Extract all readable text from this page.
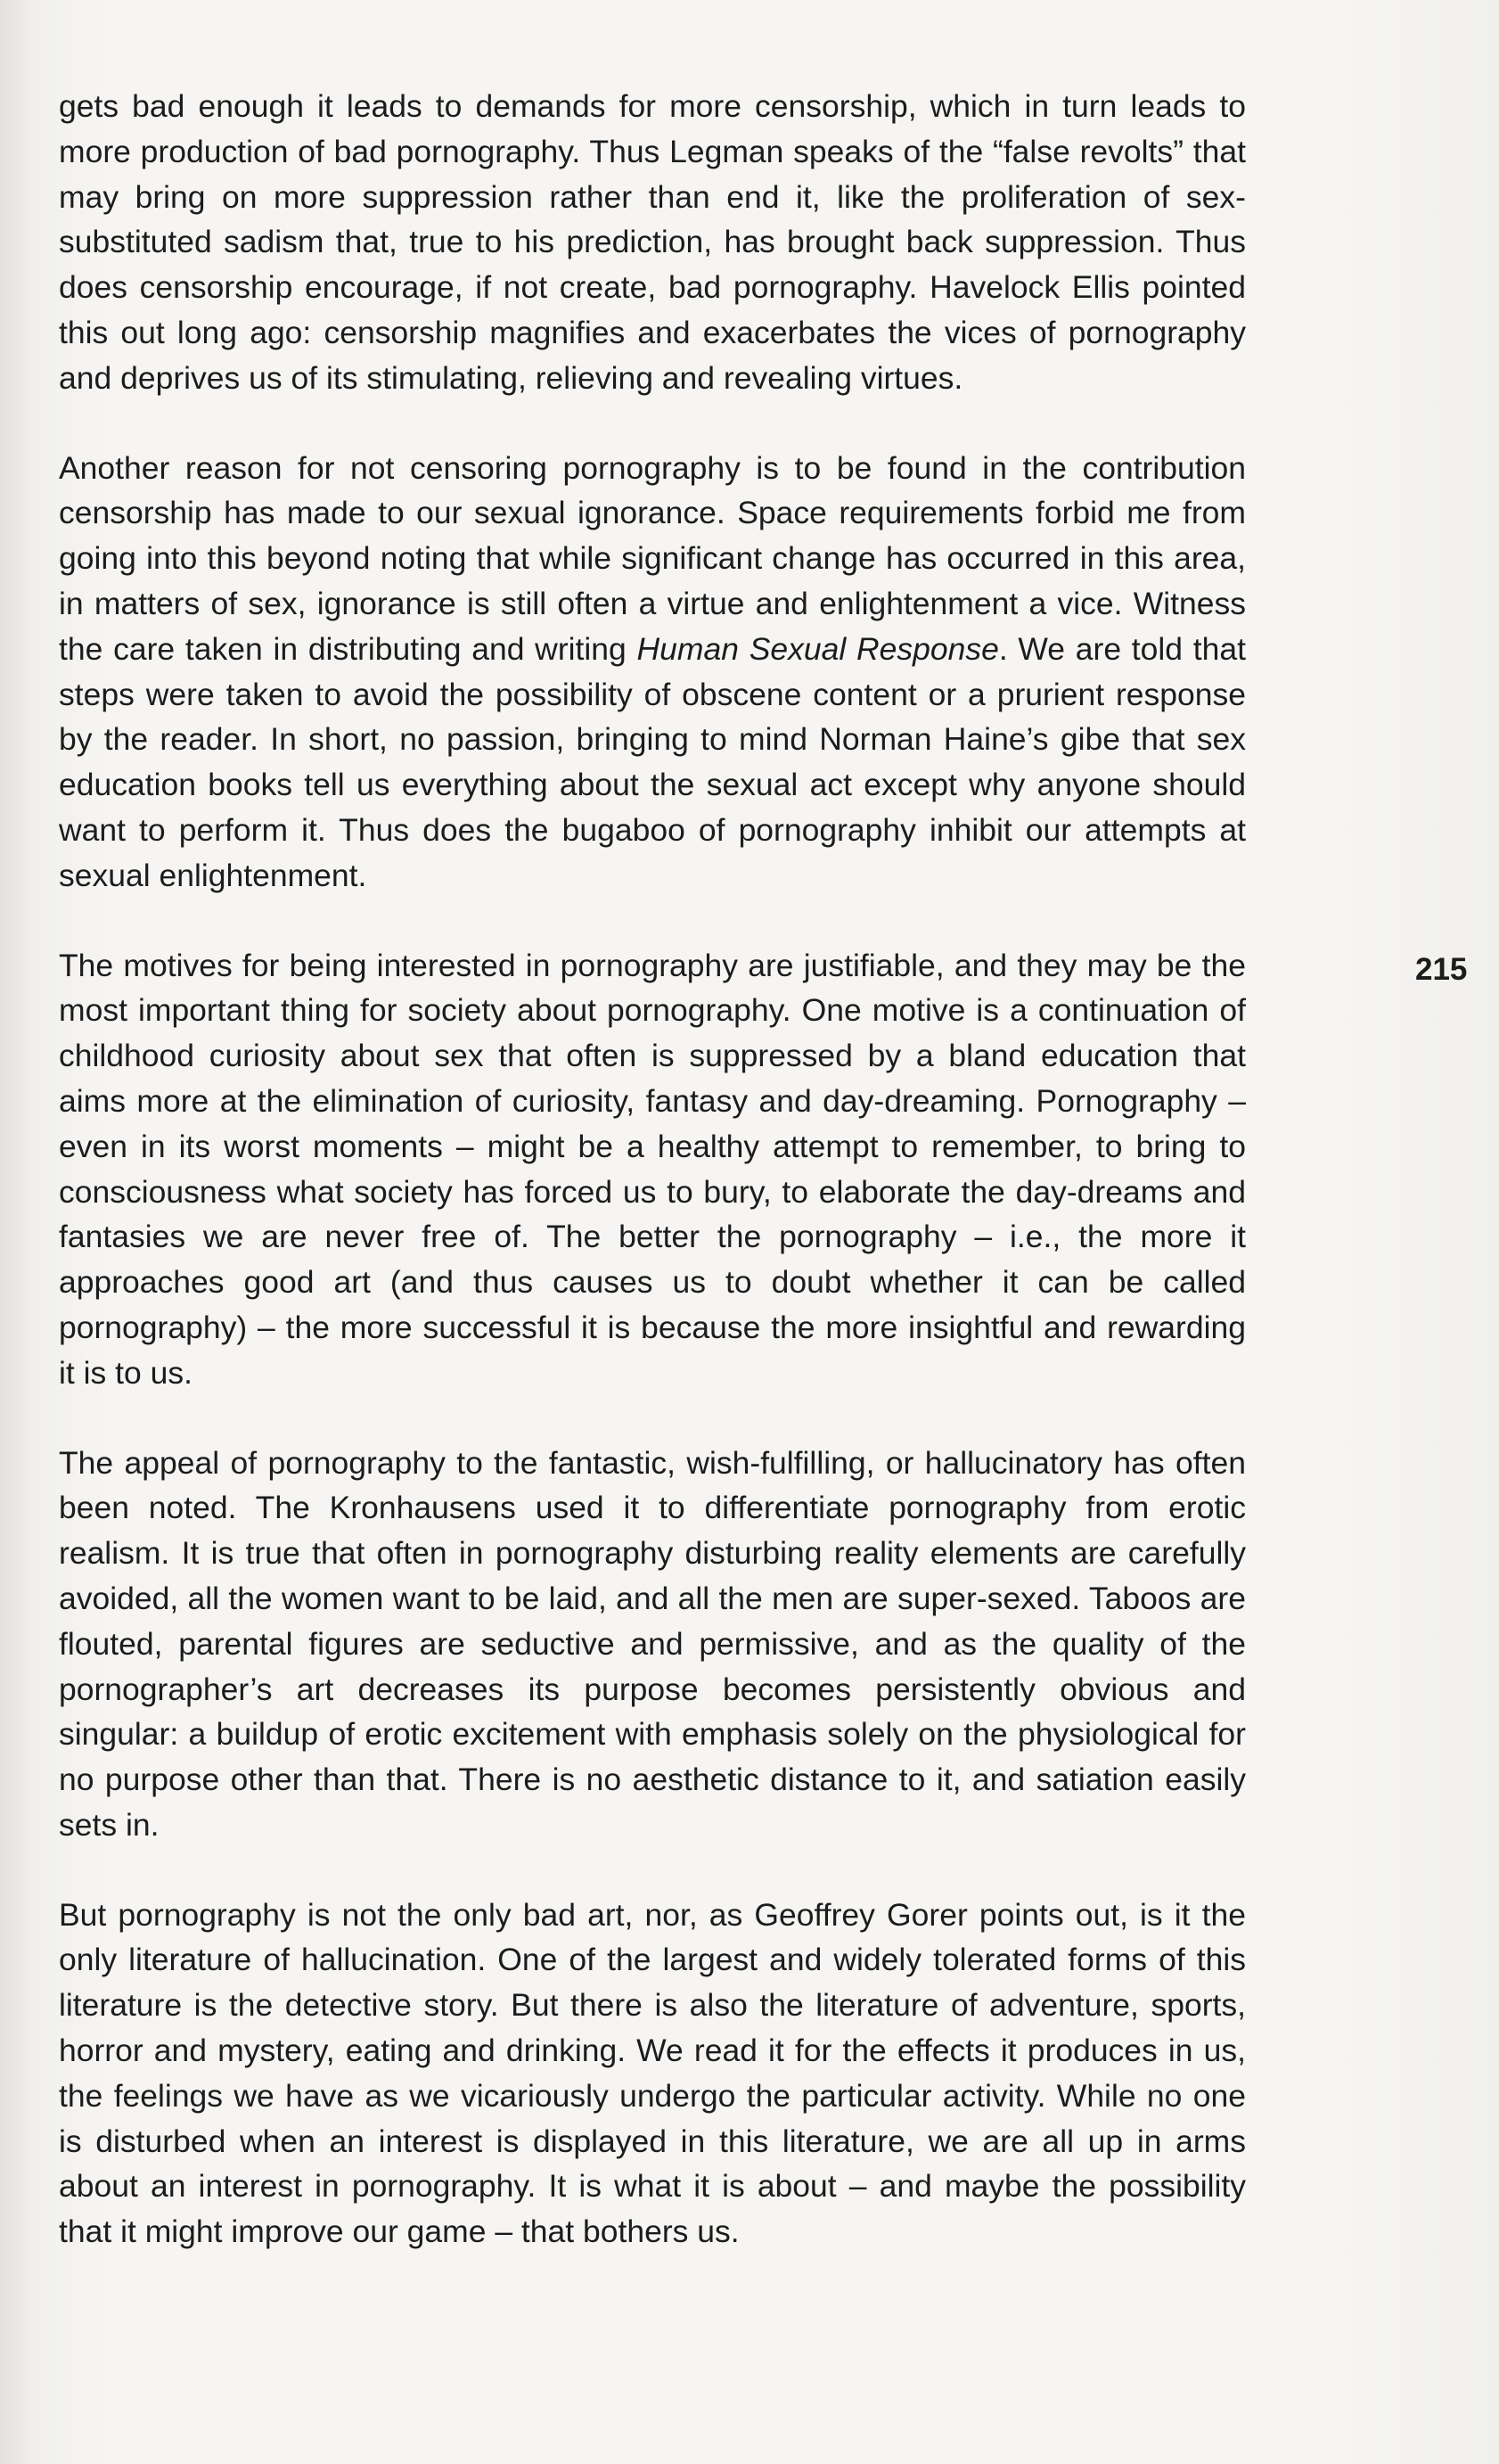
gets bad enough it leads to demands for more censorship, which in turn leads to more production of bad pornography. Thus Legman speaks of the “false revolts” that may bring on more suppression rather than end it, like the proliferation of sex-substituted sadism that, true to his prediction, has brought back suppression. Thus does censorship encourage, if not create, bad pornography. Havelock Ellis pointed this out long ago: censorship magnifies and exacerbates the vices of pornography and deprives us of its stimulating, relieving and revealing virtues.

Another reason for not censoring pornography is to be found in the contribution censorship has made to our sexual ignorance. Space requirements forbid me from going into this beyond noting that while significant change has occurred in this area, in matters of sex, ignorance is still often a virtue and enlightenment a vice. Witness the care taken in distributing and writing Human Sexual Response. We are told that steps were taken to avoid the possibility of obscene content or a prurient response by the reader. In short, no passion, bringing to mind Norman Haine’s gibe that sex education books tell us everything about the sexual act except why anyone should want to perform it. Thus does the bugaboo of pornography inhibit our attempts at sexual enlightenment.

The motives for being interested in pornography are justifiable, and they may be the most important thing for society about pornography. One motive is a continuation of childhood curiosity about sex that often is suppressed by a bland education that aims more at the elimination of curiosity, fantasy and day-dreaming. Pornography – even in its worst moments – might be a healthy attempt to remember, to bring to consciousness what society has forced us to bury, to elaborate the day-dreams and fantasies we are never free of. The better the pornography – i.e., the more it approaches good art (and thus causes us to doubt whether it can be called pornography) – the more successful it is because the more insightful and rewarding it is to us.

The appeal of pornography to the fantastic, wish-fulfilling, or hallucinatory has often been noted. The Kronhausens used it to differentiate pornography from erotic realism. It is true that often in pornography disturbing reality elements are carefully avoided, all the women want to be laid, and all the men are super-sexed. Taboos are flouted, parental figures are seductive and permissive, and as the quality of the pornographer’s art decreases its purpose becomes persistently obvious and singular: a buildup of erotic excitement with emphasis solely on the physiological for no purpose other than that. There is no aesthetic distance to it, and satiation easily sets in.

But pornography is not the only bad art, nor, as Geoffrey Gorer points out, is it the only literature of hallucination. One of the largest and widely tolerated forms of this literature is the detective story. But there is also the literature of adventure, sports, horror and mystery, eating and drinking. We read it for the effects it produces in us, the feelings we have as we vicariously undergo the particular activity. While no one is disturbed when an interest is displayed in this literature, we are all up in arms about an interest in pornography. It is what it is about – and maybe the possibility that it might improve our game – that bothers us.

215
